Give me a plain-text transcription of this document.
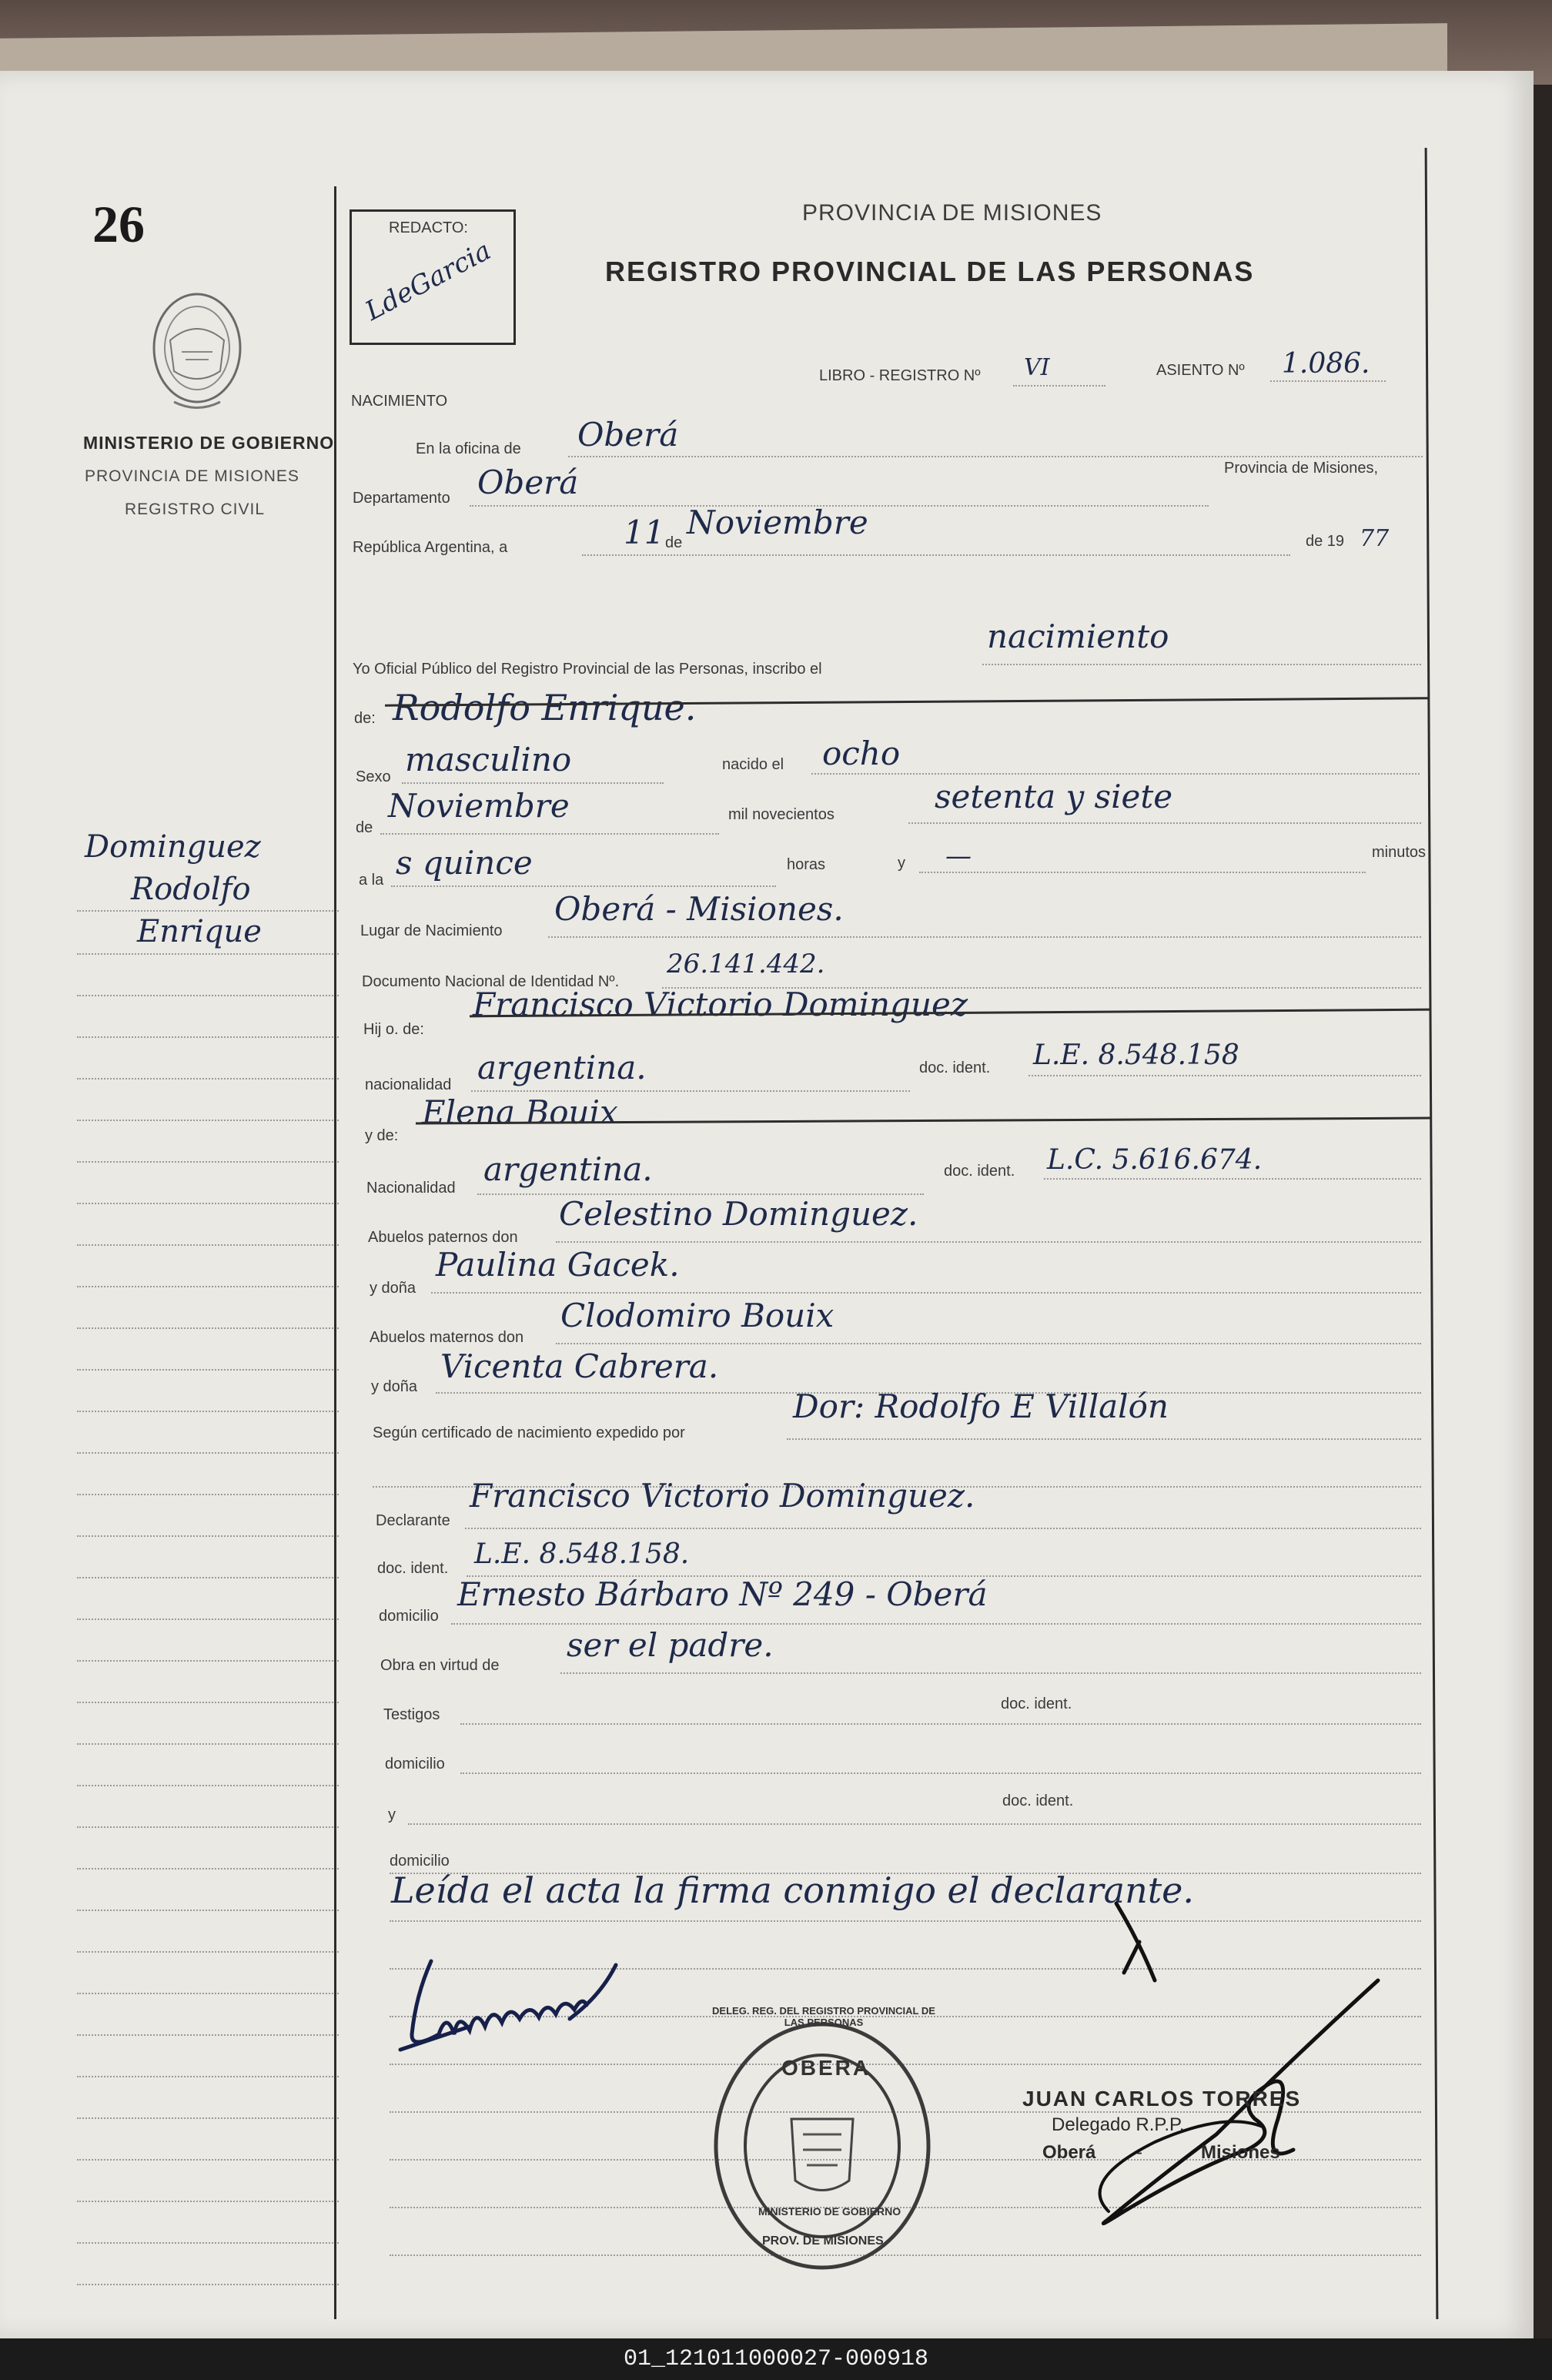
26
MINISTERIO DE GOBIERNO
PROVINCIA DE MISIONES
REGISTRO CIVIL
Dominguez
Rodolfo
Enrique
REDACTO:
LdeGarcia
PROVINCIA DE MISIONES
REGISTRO PROVINCIAL DE LAS PERSONAS
LIBRO - REGISTRO Nº VI	ASIENTO Nº 1.086.
NACIMIENTO
En la oficina de Oberá
Provincia de Misiones,
Departamento Oberá
República Argentina, a	11 de
Noviembre	de 19 77
Yo Oficial Público del Registro Provincial de las Personas, inscribo el
nacimiento
de: Rodolfo Enrique.
Sexo masculino	nacido el ocho
de
Noviembre	mil novecientos	setenta y siete
a la s quince	horas	y —	minutos
Lugar de Nacimiento
Oberá - Misiones.
Documento Nacional de Identidad Nº.
26.141.442.
Hij o. de:
Francisco Victorio Dominguez
nacionalidad argentina.	doc. ident. L.E. 8.548.158
y de:
Elena Bouix
Nacionalidad argentina.	doc. ident. L.C. 5.616.674.
Abuelos paternos don
Celestino Dominguez.
y doña
Paulina Gacek.
Abuelos maternos don
Clodomiro Bouix
y doña
Vicenta Cabrera.
Según certificado de nacimiento expedido por
Dor: Rodolfo E Villalón
Declarante
Francisco Victorio Dominguez.
doc. ident. L.E. 8.548.158.
domicilio
Ernesto Bárbaro Nº 249 - Oberá
Obra en virtud de
ser el padre.
Testigos
doc. ident.
domicilio
y
doc. ident.
domicilio
Leída el acta la firma conmigo el declarante.
DELEG. REG. DEL REGISTRO PROVINCIAL DE LAS PERSONAS
OBERA
MINISTERIO DE GOBIERNO
PROV. DE MISIONES
JUAN CARLOS TORRES
Delegado R.P.P.
Oberá -	Misiones
01_121011000027-000918
